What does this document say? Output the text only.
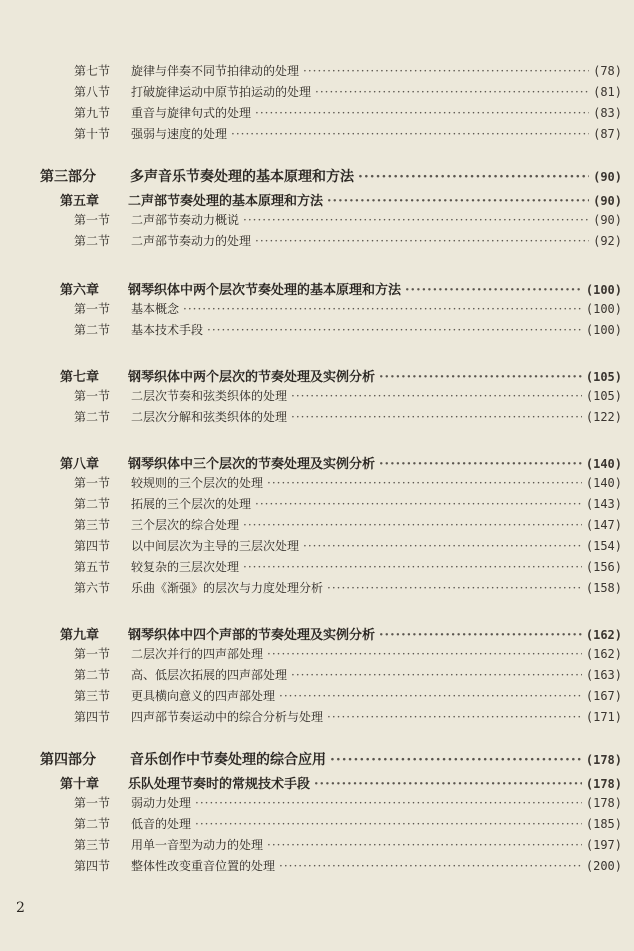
第七节	旋律与伴奏不同节拍律动的处理 ·····	(78)
第八节	打破旋律运动中原节拍运动的处理 ·····	(81)
第九节	重音与旋律句式的处理 ·····	(83)
第十节	强弱与速度的处理 ·····	(87)
第三部分	多声音乐节奏处理的基本原理和方法 ·····	(90)
第五章	二声部节奏处理的基本原理和方法 ·····	(90)
第一节	二声部节奏动力概说 ·····	(90)
第二节	二声部节奏动力的处理 ·····	(92)
第六章	钢琴织体中两个层次节奏处理的基本原理和方法 ·····	(100)
第一节	基本概念 ·····	(100)
第二节	基本技术手段 ·····	(100)
第七章	钢琴织体中两个层次的节奏处理及实例分析 ·····	(105)
第一节	二层次节奏和弦类织体的处理 ·····	(105)
第二节	二层次分解和弦类织体的处理 ·····	(122)
第八章	钢琴织体中三个层次的节奏处理及实例分析 ·····	(140)
第一节	较规则的三个层次的处理 ·····	(140)
第二节	拓展的三个层次的处理 ·····	(143)
第三节	三个层次的综合处理 ·····	(147)
第四节	以中间层次为主导的三层次处理 ·····	(154)
第五节	较复杂的三层次处理 ·····	(156)
第六节	乐曲《渐强》的层次与力度处理分析 ·····	(158)
第九章	钢琴织体中四个声部的节奏处理及实例分析 ·····	(162)
第一节	二层次并行的四声部处理 ·····	(162)
第二节	高、低层次拓展的四声部处理 ·····	(163)
第三节	更具横向意义的四声部处理 ·····	(167)
第四节	四声部节奏运动中的综合分析与处理 ·····	(171)
第四部分	音乐创作中节奏处理的综合应用 ·····	(178)
第十章	乐队处理节奏时的常规技术手段 ·····	(178)
第一节	弱动力处理 ·····	(178)
第二节	低音的处理 ·····	(185)
第三节	用单一音型为动力的处理 ·····	(197)
第四节	整体性改变重音位置的处理 ·····	(200)
2
